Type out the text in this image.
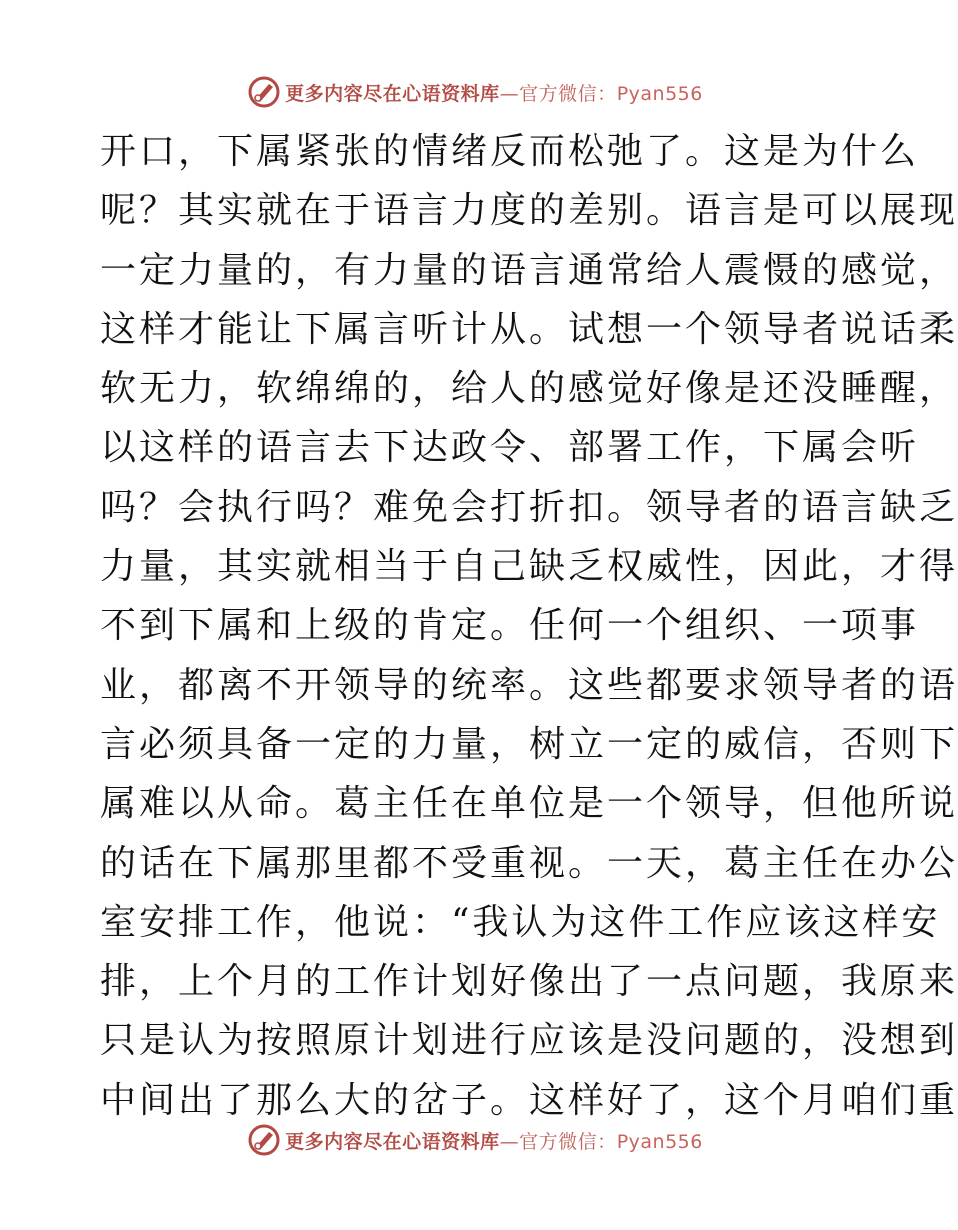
更多内容尽在心语资料库—官方微信：Pyan556
开口，下属紧张的情绪反而松弛了。这是为什么
呢？其实就在于语言力度的差别。语言是可以展现
一定力量的，有力量的语言通常给人震慑的感觉，
这样才能让下属言听计从。试想一个领导者说话柔
软无力，软绵绵的，给人的感觉好像是还没睡醒，
以这样的语言去下达政令、部署工作，下属会听
吗？会执行吗？难免会打折扣。领导者的语言缺乏
力量，其实就相当于自己缺乏权威性，因此，才得
不到下属和上级的肯定。任何一个组织、一项事
业，都离不开领导的统率。这些都要求领导者的语
言必须具备一定的力量，树立一定的威信，否则下
属难以从命。葛主任在单位是一个领导，但他所说
的话在下属那里都不受重视。一天，葛主任在办公
室安排工作，他说：“我认为这件工作应该这样安
排，上个月的工作计划好像出了一点问题，我原来
只是认为按照原计划进行应该是没问题的，没想到
中间出了那么大的岔子。这样好了，这个月咱们重
更多内容尽在心语资料库—官方微信：Pyan556
